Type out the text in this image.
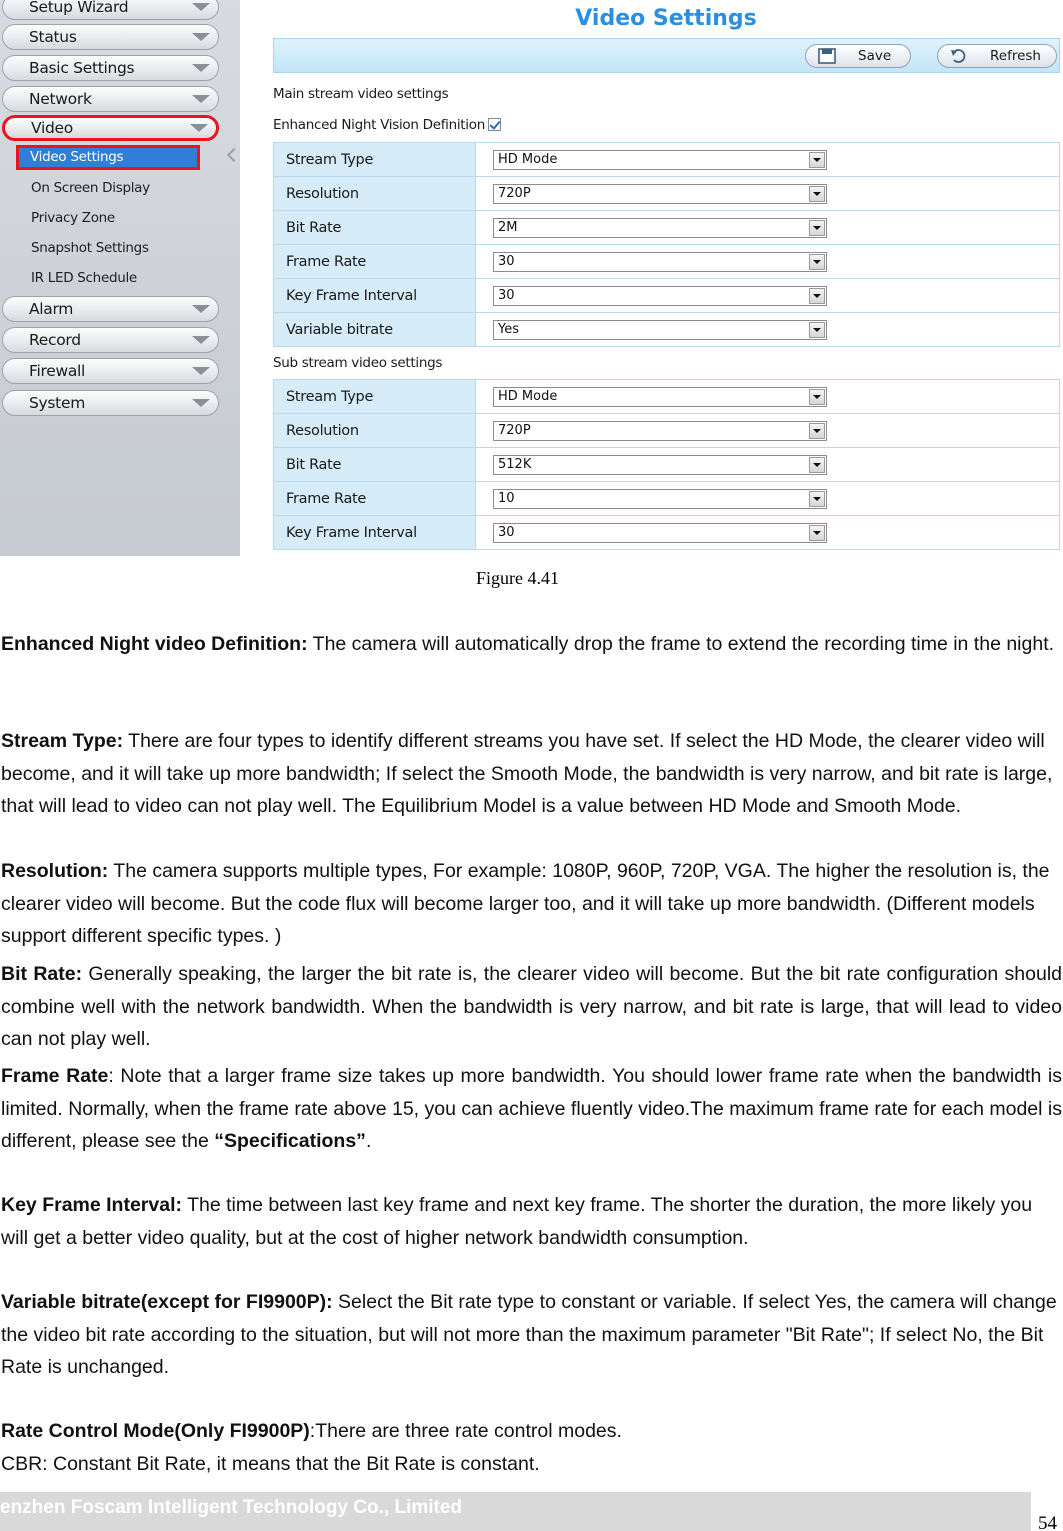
Setup Wizard
Status
Basic Settings
Network
Video
Video Settings
On Screen Display
Privacy Zone
Snapshot Settings
IR LED Schedule
Alarm
Record
Firewall
System
Video Settings
Save	Refresh
Main stream video settings
Enhanced Night Vision Definition
Stream Type	HD Mode

Resolution	720P

Bit Rate	2M

Frame Rate	30

Key Frame Interval	30

Variable bitrate	Yes
Sub stream video settings
Stream Type	HD Mode

Resolution	720P

Bit Rate	512K

Frame Rate	10

Key Frame Interval	30
Figure 4.41

Enhanced Night video Definition: The camera will automatically drop the frame to extend the recording time in the night.

Stream Type: There are four types to identify different streams you have set. If select the HD Mode, the clearer video will become, and it will take up more bandwidth; If select the Smooth Mode, the bandwidth is very narrow, and bit rate is large, that will lead to video can not play well. The Equilibrium Model is a value between HD Mode and Smooth Mode.

Resolution: The camera supports multiple types, For example: 1080P, 960P, 720P, VGA. The higher the resolution is, the clearer video will become. But the code flux will become larger too, and it will take up more bandwidth. (Different models support different specific types. )

Bit Rate: Generally speaking, the larger the bit rate is, the clearer video will become. But the bit rate configuration should combine well with the network bandwidth. When the bandwidth is very narrow, and bit rate is large, that will lead to video can not play well.

Frame Rate: Note that a larger frame size takes up more bandwidth. You should lower frame rate when the bandwidth is limited. Normally, when the frame rate above 15, you can achieve fluently video.The maximum frame rate for each model is different, please see the “Specifications”.

Key Frame Interval: The time between last key frame and next key frame. The shorter the duration, the more likely you will get a better video quality, but at the cost of higher network bandwidth consumption.

Variable bitrate(except for FI9900P): Select the Bit rate type to constant or variable. If select Yes, the camera will change the video bit rate according to the situation, but will not more than the maximum parameter "Bit Rate"; If select No, the Bit Rate is unchanged.

Rate Control Mode(Only FI9900P):There are three rate control modes.

CBR: Constant Bit Rate, it means that the Bit Rate is constant.

enzhen Foscam Intelligent Technology Co., Limited
54
